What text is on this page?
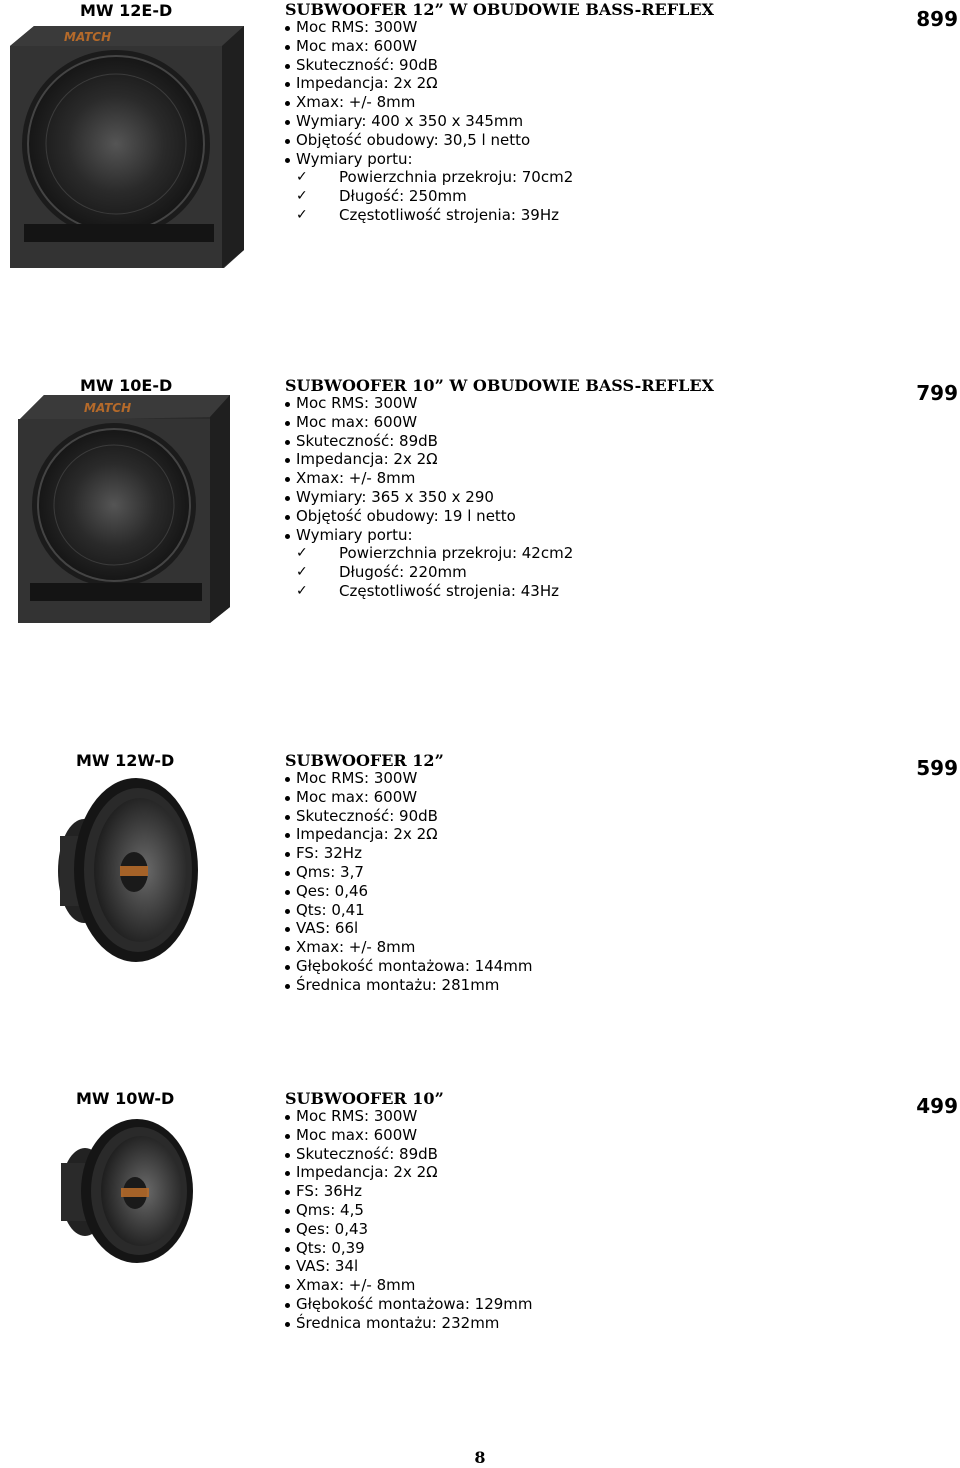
MW 12E-D
MATCH
SUBWOOFER 12” W OBUDOWIE BASS-REFLEX
Moc RMS: 300W
Moc max: 600W
Skuteczność: 90dB
Impedancja: 2x 2Ω
Xmax: +/- 8mm
Wymiary: 400 x 350 x 345mm
Objętość obudowy: 30,5 l netto
Wymiary portu:
✓ Powierzchnia przekroju: 70cm2
✓ Długość: 250mm
✓ Częstotliwość strojenia: 39Hz
899
MW 10E-D
MATCH
SUBWOOFER 10” W OBUDOWIE BASS-REFLEX
Moc RMS: 300W
Moc max: 600W
Skuteczność: 89dB
Impedancja: 2x 2Ω
Xmax: +/- 8mm
Wymiary: 365 x 350 x 290
Objętość obudowy: 19 l netto
Wymiary portu:
✓ Powierzchnia przekroju: 42cm2
✓ Długość: 220mm
✓ Częstotliwość strojenia: 43Hz
799
MW 12W-D	SUBWOOFER 12”
Moc RMS: 300W
Moc max: 600W
Skuteczność: 90dB
Impedancja: 2x 2Ω
FS: 32Hz
Qms: 3,7
Qes: 0,46
Qts: 0,41
VAS: 66l
Xmax: +/- 8mm
Głębokość montażowa: 144mm
Średnica montażu: 281mm
599
MW 10W-D	SUBWOOFER 10”
Moc RMS: 300W
Moc max: 600W
Skuteczność: 89dB
Impedancja: 2x 2Ω
FS: 36Hz
Qms: 4,5
Qes: 0,43
Qts: 0,39
VAS: 34l
Xmax: +/- 8mm
Głębokość montażowa: 129mm
Średnica montażu: 232mm
499
8
